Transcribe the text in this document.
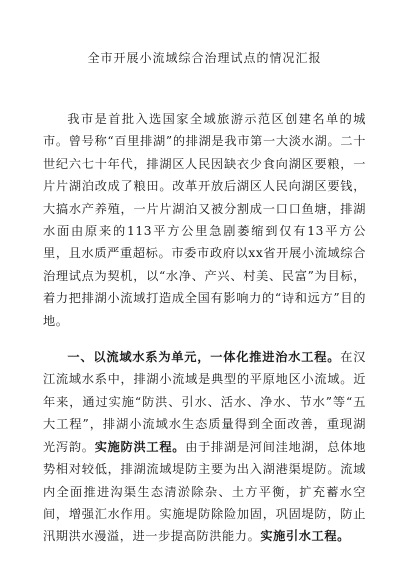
全市开展小流域综合治理试点的情况汇报

我市是首批入选国家全域旅游示范区创建名单的城市。曾号称“百里排湖”的排湖是我市第一大淡水湖。二十世纪六七十年代，排湖区人民因缺衣少食向湖区要粮，一片片湖泊改成了粮田。改革开放后湖区人民向湖区要钱，大搞水产养殖，一片片湖泊又被分割成一口口鱼塘，排湖水面由原来的113平方公里急剧萎缩到仅有13平方公里，且水质严重超标。市委市政府以xx省开展小流域综合治理试点为契机，以“水净、产兴、村美、民富”为目标，着力把排湖小流域打造成全国有影响力的“诗和远方”目的地。

一、以流域水系为单元，一体化推进治水工程。在汉江流域水系中，排湖小流域是典型的平原地区小流域。近年来，通过实施“防洪、引水、活水、净水、节水”等“五大工程”，排湖小流域水生态质量得到全面改善，重现湖光泻韵。实施防洪工程。由于排湖是河间洼地湖，总体地势相对较低，排湖流域堤防主要为出入湖港渠堤防。流域内全面推进沟渠生态清淤除杂、土方平衡，扩充蓄水空间，增强汇水作用。实施堤防除险加固，巩固堤防，防止汛期洪水漫溢，进一步提高防洪能力。实施引水工程。
